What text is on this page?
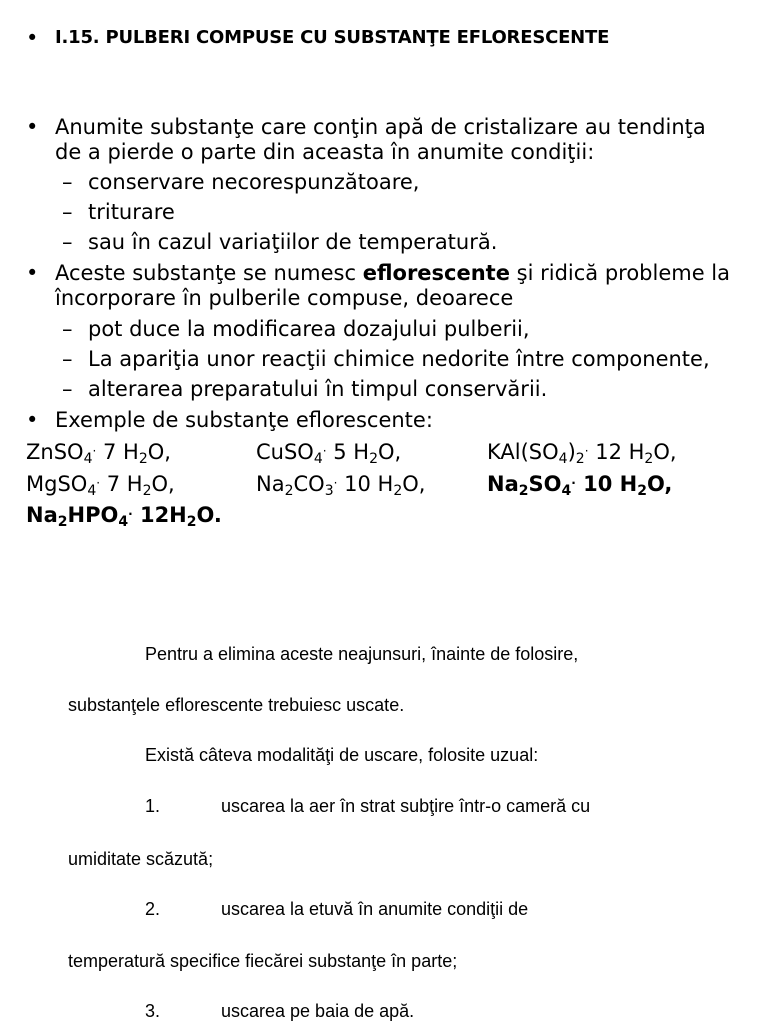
• I.15. PULBERI COMPUSE CU SUBSTANŢE EFLORESCENTE
• Anumite substanţe care conţin apă de cristalizare au tendinţa
de a pierde o parte din aceasta în anumite condiţii:
– conservare necorespunzătoare,
– triturare
– sau în cazul variaţiilor de temperatură.
• Aceste substanţe se numesc eflorescente şi ridică probleme la
încorporare în pulberile compuse, deoarece
– pot duce la modificarea dozajului pulberii,
– La apariţia unor reacţii chimice nedorite între componente,
– alterarea preparatului în timpul conservării.
• Exemple de substanţe eflorescente:
ZnSO$_4$· 7 $H_2O$,	CuSO$_4$· 5 $H_2O$,	$KAl(SO_4)_2\cdot 12$ $H_2O$,
MgSO$_4$· 7 $H_2O$,	$Na_2CO_3\cdot 10$ $H_2O$,	$Na_2SO_4\cdot 10$ $H_2O$,
$Na_2HPO_4\cdot 12H_2O$.
Pentru a elimina aceste neajunsuri, înainte de folosire,
substanţele eflorescente trebuiesc uscate.
Există câteva modalităţi de uscare, folosite uzual:
1.	uscarea la aer în strat subţire într-o cameră cu
umiditate scăzută;
2.	uscarea la etuvă în anumite condiţii de
temperatură specifice fiecărei substanţe în parte;
3.	uscarea pe baia de apă.
